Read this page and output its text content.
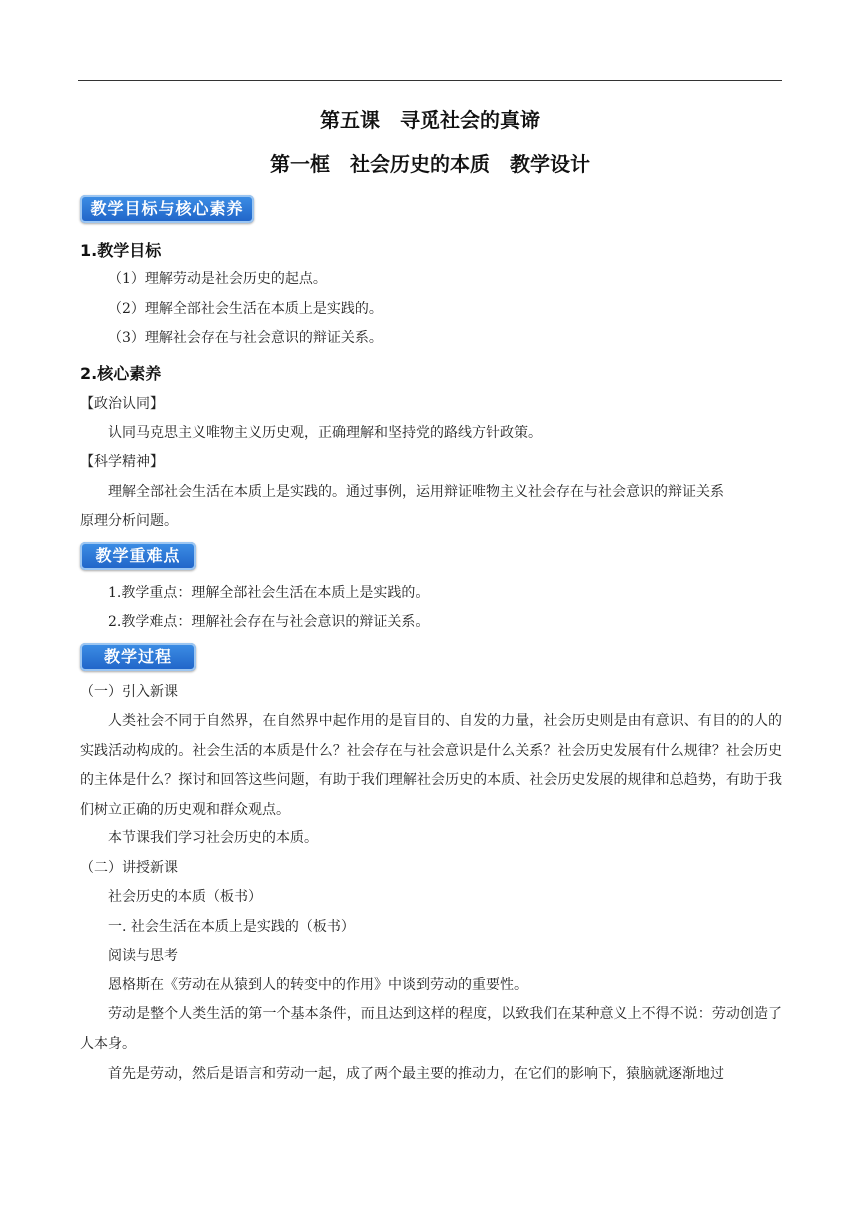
第五课　寻觅社会的真谛
第一框　社会历史的本质　教学设计
教学目标与核心素养
1.教学目标
（1）理解劳动是社会历史的起点。
（2）理解全部社会生活在本质上是实践的。
（3）理解社会存在与社会意识的辩证关系。
2.核心素养
【政治认同】
认同马克思主义唯物主义历史观，正确理解和坚持党的路线方针政策。
【科学精神】
理解全部社会生活在本质上是实践的。通过事例，运用辩证唯物主义社会存在与社会意识的辩证关系
原理分析问题。
教学重难点
1.教学重点：理解全部社会生活在本质上是实践的。
2.教学难点：理解社会存在与社会意识的辩证关系。
教学过程
（一）引入新课
人类社会不同于自然界，在自然界中起作用的是盲目的、自发的力量，社会历史则是由有意识、有目的的人的实践活动构成的。社会生活的本质是什么？社会存在与社会意识是什么关系？社会历史发展有什么规律？社会历史的主体是什么？探讨和回答这些问题，有助于我们理解社会历史的本质、社会历史发展的规律和总趋势，有助于我们树立正确的历史观和群众观点。
本节课我们学习社会历史的本质。
（二）讲授新课
社会历史的本质（板书）
一. 社会生活在本质上是实践的（板书）
阅读与思考
恩格斯在《劳动在从猿到人的转变中的作用》中谈到劳动的重要性。
劳动是整个人类生活的第一个基本条件，而且达到这样的程度，以致我们在某种意义上不得不说：劳动创造了人本身。
首先是劳动，然后是语言和劳动一起，成了两个最主要的推动力，在它们的影响下，猿脑就逐渐地过
